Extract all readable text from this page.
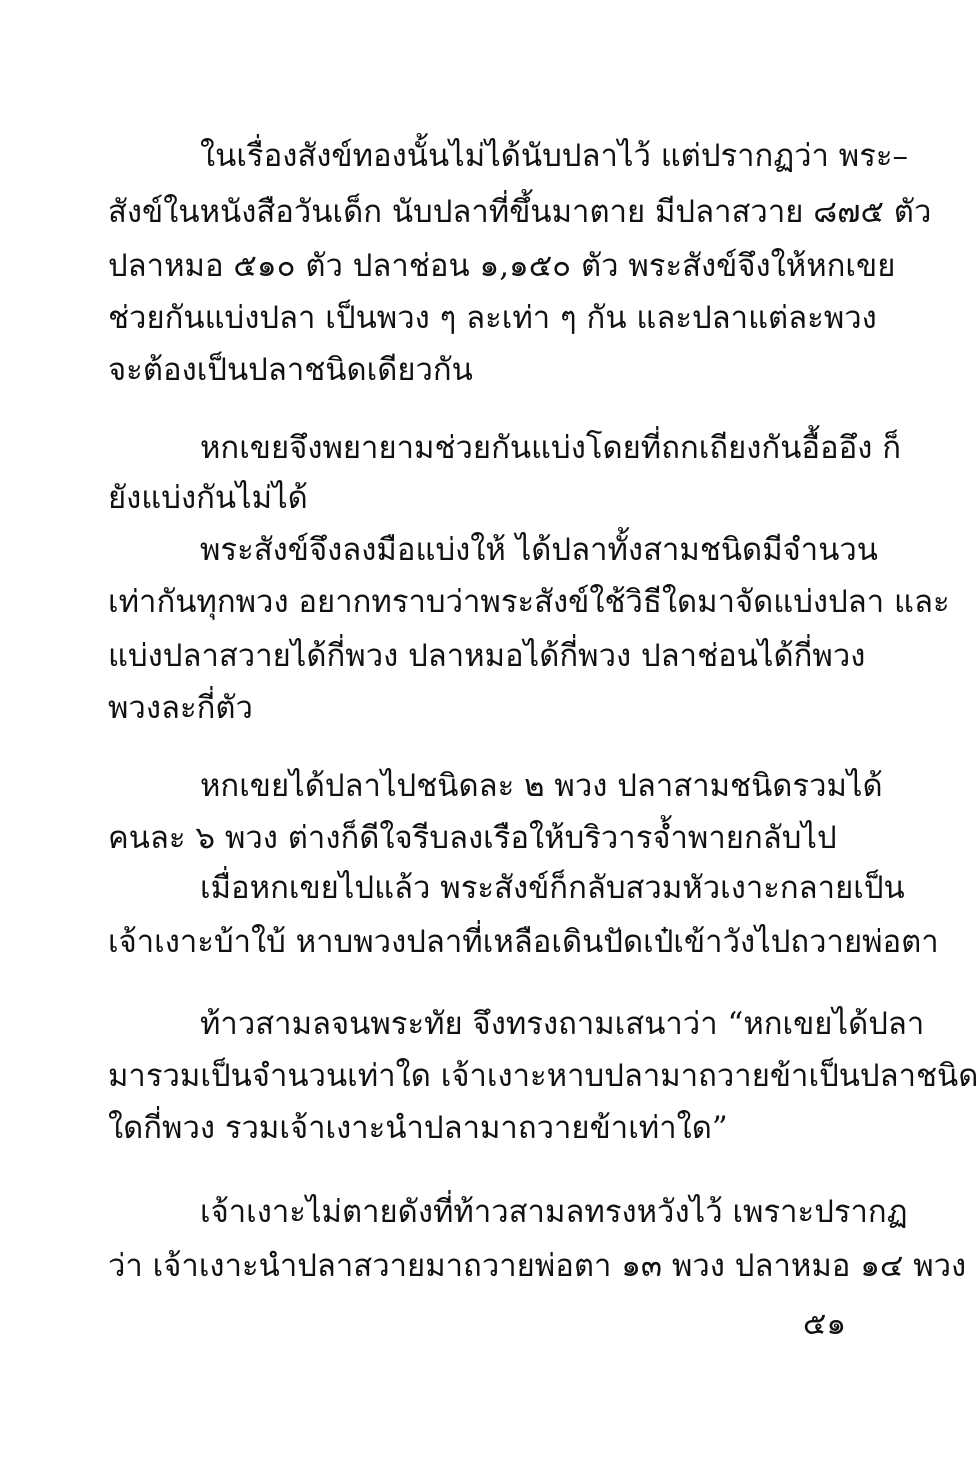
ในเรื่องสังข์ทองนั้นไม่ได้นับปลาไว้ แต่ปรากฏว่า พระ–
สังข์ในหนังสือวันเด็ก นับปลาที่ขึ้นมาตาย มีปลาสวาย ๘๗๕ ตัว
ปลาหมอ ๕๑๐ ตัว ปลาช่อน ๑,๑๕๐ ตัว พระสังข์จึงให้หกเขย
ช่วยกันแบ่งปลา เป็นพวง ๆ ละเท่า ๆ กัน และปลาแต่ละพวง
จะต้องเป็นปลาชนิดเดียวกัน
หกเขยจึงพยายามช่วยกันแบ่งโดยที่ถกเถียงกันอื้ออึง ก็
ยังแบ่งกันไม่ได้
พระสังข์จึงลงมือแบ่งให้ ได้ปลาทั้งสามชนิดมีจำนวน
เท่ากันทุกพวง อยากทราบว่าพระสังข์ใช้วิธีใดมาจัดแบ่งปลา และ
แบ่งปลาสวายได้กี่พวง ปลาหมอได้กี่พวง ปลาช่อนได้กี่พวง
พวงละกี่ตัว
หกเขยได้ปลาไปชนิดละ ๒ พวง ปลาสามชนิดรวมได้
คนละ ๖ พวง ต่างก็ดีใจรีบลงเรือให้บริวารจ้ำพายกลับไป
เมื่อหกเขยไปแล้ว พระสังข์ก็กลับสวมหัวเงาะกลายเป็น
เจ้าเงาะบ้าใบ้ หาบพวงปลาที่เหลือเดินปัดเป๋เข้าวังไปถวายพ่อตา
ท้าวสามลจนพระทัย จึงทรงถามเสนาว่า “หกเขยได้ปลา
มารวมเป็นจำนวนเท่าใด เจ้าเงาะหาบปลามาถวายข้าเป็นปลาชนิด
ใดกี่พวง รวมเจ้าเงาะนำปลามาถวายข้าเท่าใด”
เจ้าเงาะไม่ตายดังที่ท้าวสามลทรงหวังไว้ เพราะปรากฏ
ว่า เจ้าเงาะนำปลาสวายมาถวายพ่อตา ๑๓ พวง ปลาหมอ ๑๔ พวง
๕๑
